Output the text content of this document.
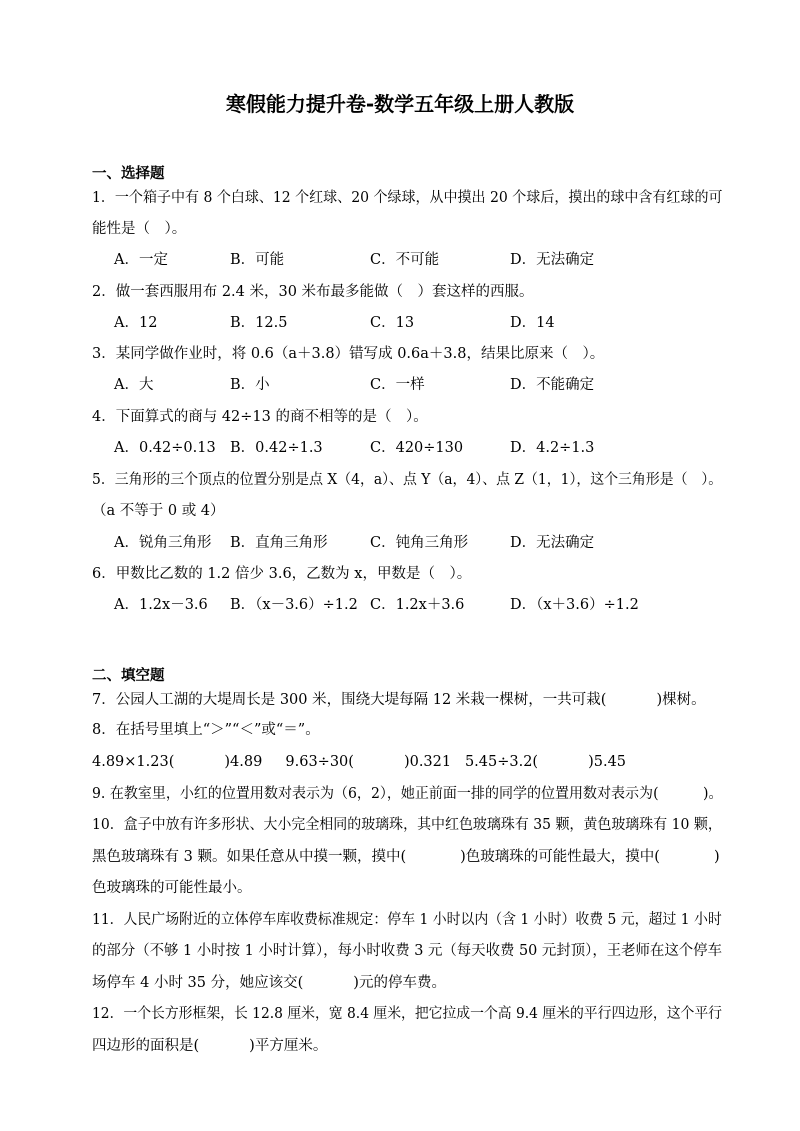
寒假能力提升卷-数学五年级上册人教版
一、选择题
1．一个箱子中有 8 个白球、12 个红球、20 个绿球，从中摸出 20 个球后，摸出的球中含有红球的可
能性是（　）。
A．一定	B．可能	C．不可能	D．无法确定
2．做一套西服用布 2.4 米，30 米布最多能做（　）套这样的西服。
A．12	B．12.5	C．13	D．14
3．某同学做作业时，将 0.6（a＋3.8）错写成 0.6a＋3.8，结果比原来（　）。
A．大	B．小	C．一样	D．不能确定
4．下面算式的商与 42÷13 的商不相等的是（　）。
A．0.42÷0.13 B．0.42÷1.3	C．420÷130	D．4.2÷1.3
5．三角形的三个顶点的位置分别是点 X（4，a）、点 Y（a，4）、点 Z（1，1），这个三角形是（　）。
（a 不等于 0 或 4）
A．锐角三角形 B．直角三角形	C．钝角三角形	D．无法确定
6．甲数比乙数的 1.2 倍少 3.6，乙数为 x，甲数是（　）。
A．1.2x－3.6 B．（x－3.6）÷1.2 C．1.2x＋3.6	D．（x＋3.6）÷1.2
二、填空题
7．公园人工湖的大堤周长是 300 米，围绕大堤每隔 12 米栽一棵树，一共可栽(	)棵树。
8．在括号里填上“＞”“＜”或“＝”。
4.89×1.23(	)4.89 9.63÷30(	)0.321 5.45÷3.2(	)5.45
9. 在教室里，小红的位置用数对表示为（6，2），她正前面一排的同学的位置用数对表示为(	)。
10．盒子中放有许多形状、大小完全相同的玻璃珠，其中红色玻璃珠有 35 颗，黄色玻璃珠有 10 颗，
黑色玻璃珠有 3 颗。如果任意从中摸一颗，摸中(	)色玻璃珠的可能性最大，摸中(	)
色玻璃珠的可能性最小。
11．人民广场附近的立体停车库收费标准规定：停车 1 小时以内（含 1 小时）收费 5 元，超过 1 小时
的部分（不够 1 小时按 1 小时计算），每小时收费 3 元（每天收费 50 元封顶），王老师在这个停车
场停车 4 小时 35 分，她应该交(	)元的停车费。
12．一个长方形框架，长 12.8 厘米，宽 8.4 厘米，把它拉成一个高 9.4 厘米的平行四边形，这个平行
四边形的面积是(	)平方厘米。
